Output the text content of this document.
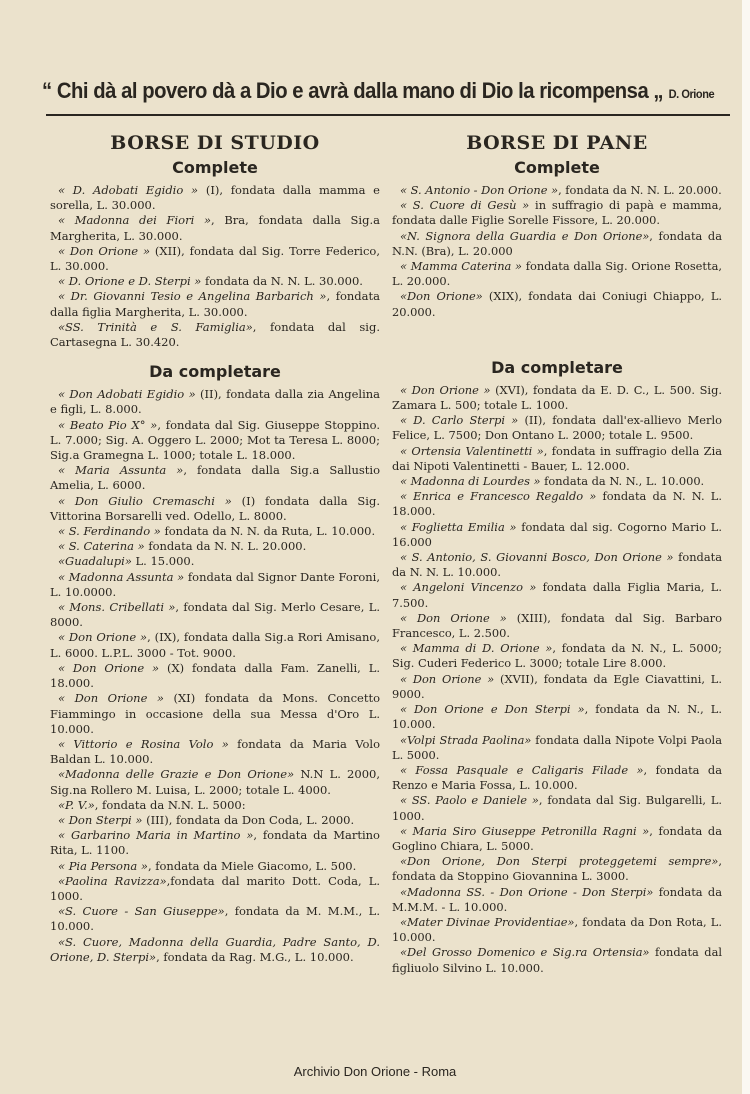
“ Chi dà al povero dà a Dio e avrà dalla mano di Dio la ricompensa „ D. Orione
BORSE DI STUDIO
Complete

« D. Adobati Egidio » (I), fondata dalla mamma e sorella, L. 30.000.

« Madonna dei Fiori », Bra, fondata dalla Sig.a Margherita, L. 30.000.

« Don Orione » (XII), fondata dal Sig. Torre Federico, L. 30.000.

« D. Orione e D. Sterpi » fondata da N. N. L. 30.000.

« Dr. Giovanni Tesio e Angelina Barbarich », fondata dalla figlia Margherita, L. 30.000.

«SS. Trinità e S. Famiglia», fondata dal sig. Cartasegna L. 30.420.

Da completare

« Don Adobati Egidio » (II), fondata dalla zia Angelina e figli, L. 8.000.

« Beato Pio X° », fondata dal Sig. Giuseppe Stoppino. L. 7.000; Sig. A. Oggero L. 2000; Mot ta Teresa L. 8000; Sig.a Gramegna L. 1000; totale L. 18.000.

« Maria Assunta », fondata dalla Sig.a Sallustio Amelia, L. 6000.

« Don Giulio Cremaschi » (I) fondata dalla Sig. Vittorina Borsarelli ved. Odello, L. 8000.

« S. Ferdinando » fondata da N. N. da Ruta, L. 10.000.

« S. Caterina » fondata da N. N. L. 20.000.

«Guadalupi» L. 15.000.

« Madonna Assunta » fondata dal Signor Dante Foroni, L. 10.0000.

« Mons. Cribellati », fondata dal Sig. Merlo Cesare, L. 8000.

« Don Orione », (IX), fondata dalla Sig.a Rori Amisano, L. 6000. L.P.L. 3000 - Tot. 9000.

« Don Orione » (X) fondata dalla Fam. Zanelli, L. 18.000.

« Don Orione » (XI) fondata da Mons. Concetto Fiammingo in occasione della sua Messa d'Oro L. 10.000.

« Vittorio e Rosina Volo » fondata da Maria Volo Baldan L. 10.000.

«Madonna delle Grazie e Don Orione» N.N L. 2000, Sig.na Rollero M. Luisa, L. 2000; totale L. 4000.

«P. V.», fondata da N.N. L. 5000:

« Don Sterpi » (III), fondata da Don Coda, L. 2000.

« Garbarino Maria in Martino », fondata da Martino Rita, L. 1100.

« Pia Persona », fondata da Miele Giacomo, L. 500.

«Paolina Ravizza»,fondata dal marito Dott. Coda, L. 1000.

«S. Cuore - San Giuseppe», fondata da M. M.M., L. 10.000.

«S. Cuore, Madonna della Guardia, Padre Santo, D. Orione, D. Sterpi», fondata da Rag. M.G., L. 10.000.

BORSE DI PANE
Complete

« S. Antonio - Don Orione », fondata da N. N. L. 20.000.

« S. Cuore di Gesù » in suffragio di papà e mamma, fondata dalle Figlie Sorelle Fissore, L. 20.000.

«N. Signora della Guardia e Don Orione», fondata da N.N. (Bra), L. 20.000

« Mamma Caterina » fondata dalla Sig. Orione Rosetta, L. 20.000.

«Don Orione» (XIX), fondata dai Coniugi Chiappo, L. 20.000.

Da completare

« Don Orione » (XVI), fondata da E. D. C., L. 500. Sig. Zamara L. 500; totale L. 1000.

« D. Carlo Sterpi » (II), fondata dall'ex-allievo Merlo Felice, L. 7500; Don Ontano L. 2000; totale L. 9500.

« Ortensia Valentinetti », fondata in suffragio della Zia dai Nipoti Valentinetti - Bauer, L. 12.000.

« Madonna di Lourdes » fondata da N. N., L. 10.000.

« Enrica e Francesco Regaldo » fondata da N. N. L. 18.000.

« Foglietta Emilia » fondata dal sig. Cogorno Mario L. 16.000

« S. Antonio, S. Giovanni Bosco, Don Orione » fondata da N. N. L. 10.000.

« Angeloni Vincenzo » fondata dalla Figlia Maria, L. 7.500.

« Don Orione » (XIII), fondata dal Sig. Barbaro Francesco, L. 2.500.

« Mamma di D. Orione », fondata da N. N., L. 5000; Sig. Cuderi Federico L. 3000; totale Lire 8.000.

« Don Orione » (XVII), fondata da Egle Ciavattini, L. 9000.

« Don Orione e Don Sterpi », fondata da N. N., L. 10.000.

«Volpi Strada Paolina» fondata dalla Nipote Volpi Paola L. 5000.

« Fossa Pasquale e Caligaris Filade », fondata da Renzo e Maria Fossa, L. 10.000.

« SS. Paolo e Daniele », fondata dal Sig. Bulgarelli, L. 1000.

« Maria Siro Giuseppe Petronilla Ragni », fondata da Goglino Chiara, L. 5000.

«Don Orione, Don Sterpi proteggetemi sempre», fondata da Stoppino Giovannina L. 3000.

«Madonna SS. - Don Orione - Don Sterpi» fondata da M.M.M. - L. 10.000.

«Mater Divinae Providentiae», fondata da Don Rota, L. 10.000.

«Del Grosso Domenico e Sig.ra Ortensia» fondata dal figliuolo Silvino L. 10.000.

Archivio Don Orione - Roma
